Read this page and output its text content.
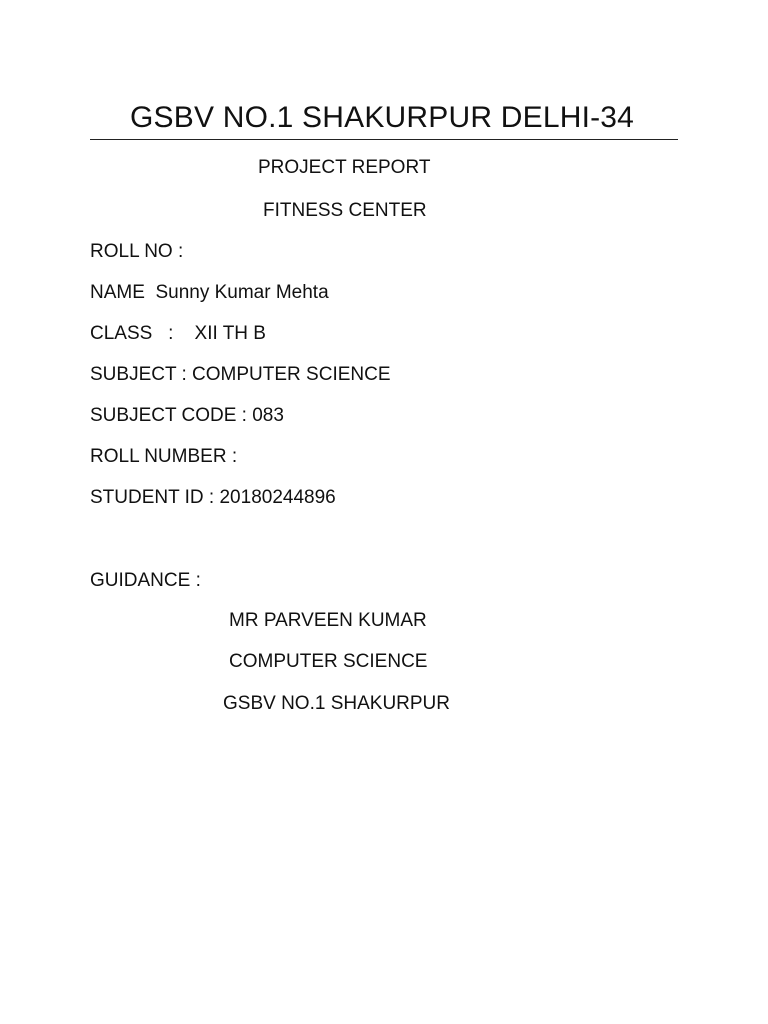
GSBV NO.1 SHAKURPUR DELHI-34
PROJECT REPORT
FITNESS CENTER
ROLL NO :
NAME  Sunny Kumar Mehta
CLASS   :    XII TH B
SUBJECT : COMPUTER SCIENCE
SUBJECT CODE : 083
ROLL NUMBER :
STUDENT ID : 20180244896
GUIDANCE :
MR PARVEEN KUMAR
COMPUTER SCIENCE
GSBV NO.1 SHAKURPUR
